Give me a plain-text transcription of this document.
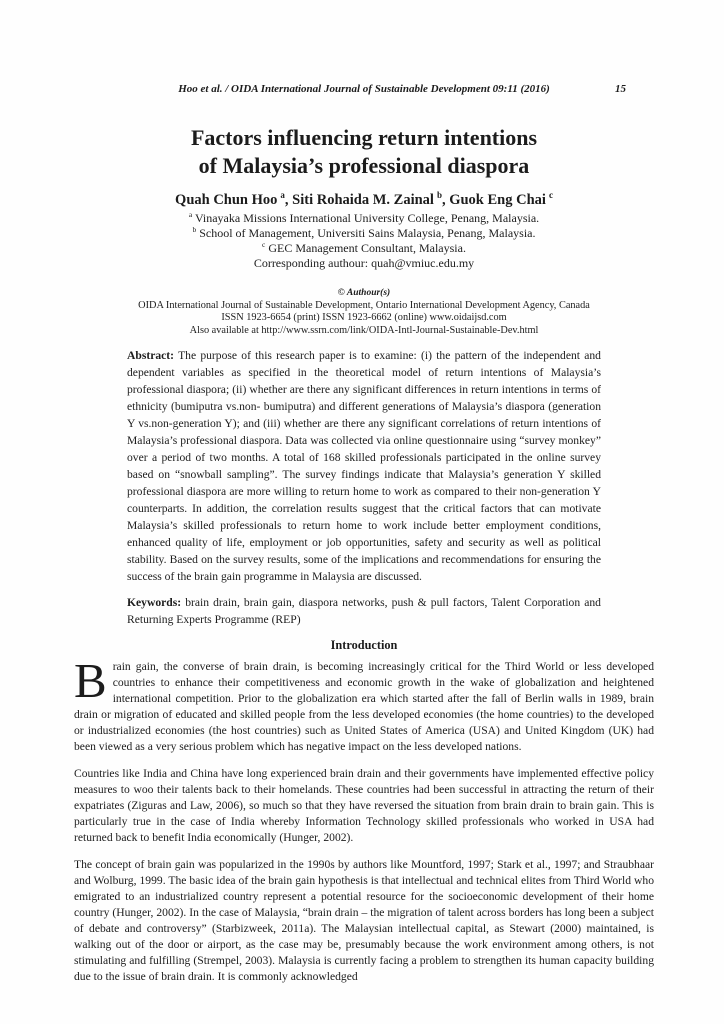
Hoo et al. / OIDA International Journal of Sustainable Development 09:11 (2016)	15
Factors influencing return intentions
of Malaysia’s professional diaspora
Quah Chun Hoo $^a$, Siti Rohaida M. Zainal $^b$, Guok Eng Chai $^c$
$^a$ Vinayaka Missions International University College, Penang, Malaysia.
$^b$ School of Management, Universiti Sains Malaysia, Penang, Malaysia.
$^c$ GEC Management Consultant, Malaysia.
Corresponding authour: quah@vmiuc.edu.my
© Authour(s)
OIDA International Journal of Sustainable Development, Ontario International Development Agency, Canada
ISSN 1923-6654 (print) ISSN 1923-6662 (online) www.oidaijsd.com
Also available at http://www.ssrn.com/link/OIDA-Intl-Journal-Sustainable-Dev.html

Abstract: The purpose of this research paper is to examine: (i) the pattern of the independent and dependent variables as specified in the theoretical model of return intentions of Malaysia’s professional diaspora; (ii) whether are there any significant differences in return intentions in terms of ethnicity (bumiputra vs.non- bumiputra) and different generations of Malaysia’s diaspora (generation Y vs.non-generation Y); and (iii) whether are there any significant correlations of return intentions of Malaysia’s professional diaspora. Data was collected via online questionnaire using “survey monkey” over a period of two months. A total of 168 skilled professionals participated in the online survey based on “snowball sampling”. The survey findings indicate that Malaysia’s generation Y skilled professional diaspora are more willing to return home to work as compared to their non-generation Y counterparts. In addition, the correlation results suggest that the critical factors that can motivate Malaysia’s skilled professionals to return home to work include better employment conditions, enhanced quality of life, employment or job opportunities, safety and security as well as political stability. Based on the survey results, some of the implications and recommendations for ensuring the success of the brain gain programme in Malaysia are discussed.

Keywords: brain drain, brain gain, diaspora networks, push & pull factors, Talent Corporation and Returning Experts Programme (REP)

Introduction

Brain gain, the converse of brain drain, is becoming increasingly critical for the Third World or less developed countries to enhance their competitiveness and economic growth in the wake of globalization and heightened international competition. Prior to the globalization era which started after the fall of Berlin walls in 1989, brain drain or migration of educated and skilled people from the less developed economies (the home countries) to the developed or industrialized economies (the host countries) such as United States of America (USA) and United Kingdom (UK) had been viewed as a very serious problem which has negative impact on the less developed nations.

Countries like India and China have long experienced brain drain and their governments have implemented effective policy measures to woo their talents back to their homelands. These countries had been successful in attracting the return of their expatriates (Ziguras and Law, 2006), so much so that they have reversed the situation from brain drain to brain gain. This is particularly true in the case of India whereby Information Technology skilled professionals who worked in USA had returned back to benefit India economically (Hunger, 2002).

The concept of brain gain was popularized in the 1990s by authors like Mountford, 1997; Stark et al., 1997; and Straubhaar and Wolburg, 1999. The basic idea of the brain gain hypothesis is that intellectual and technical elites from Third World who emigrated to an industrialized country represent a potential resource for the socioeconomic development of their home country (Hunger, 2002). In the case of Malaysia, “brain drain – the migration of talent across borders has long been a subject of debate and controversy” (Starbizweek, 2011a). The Malaysian intellectual capital, as Stewart (2000) maintained, is walking out of the door or airport, as the case may be, presumably because the work environment among others, is not stimulating and fulfilling (Strempel, 2003). Malaysia is currently facing a problem to strengthen its human capacity building due to the issue of brain drain. It is commonly acknowledged
